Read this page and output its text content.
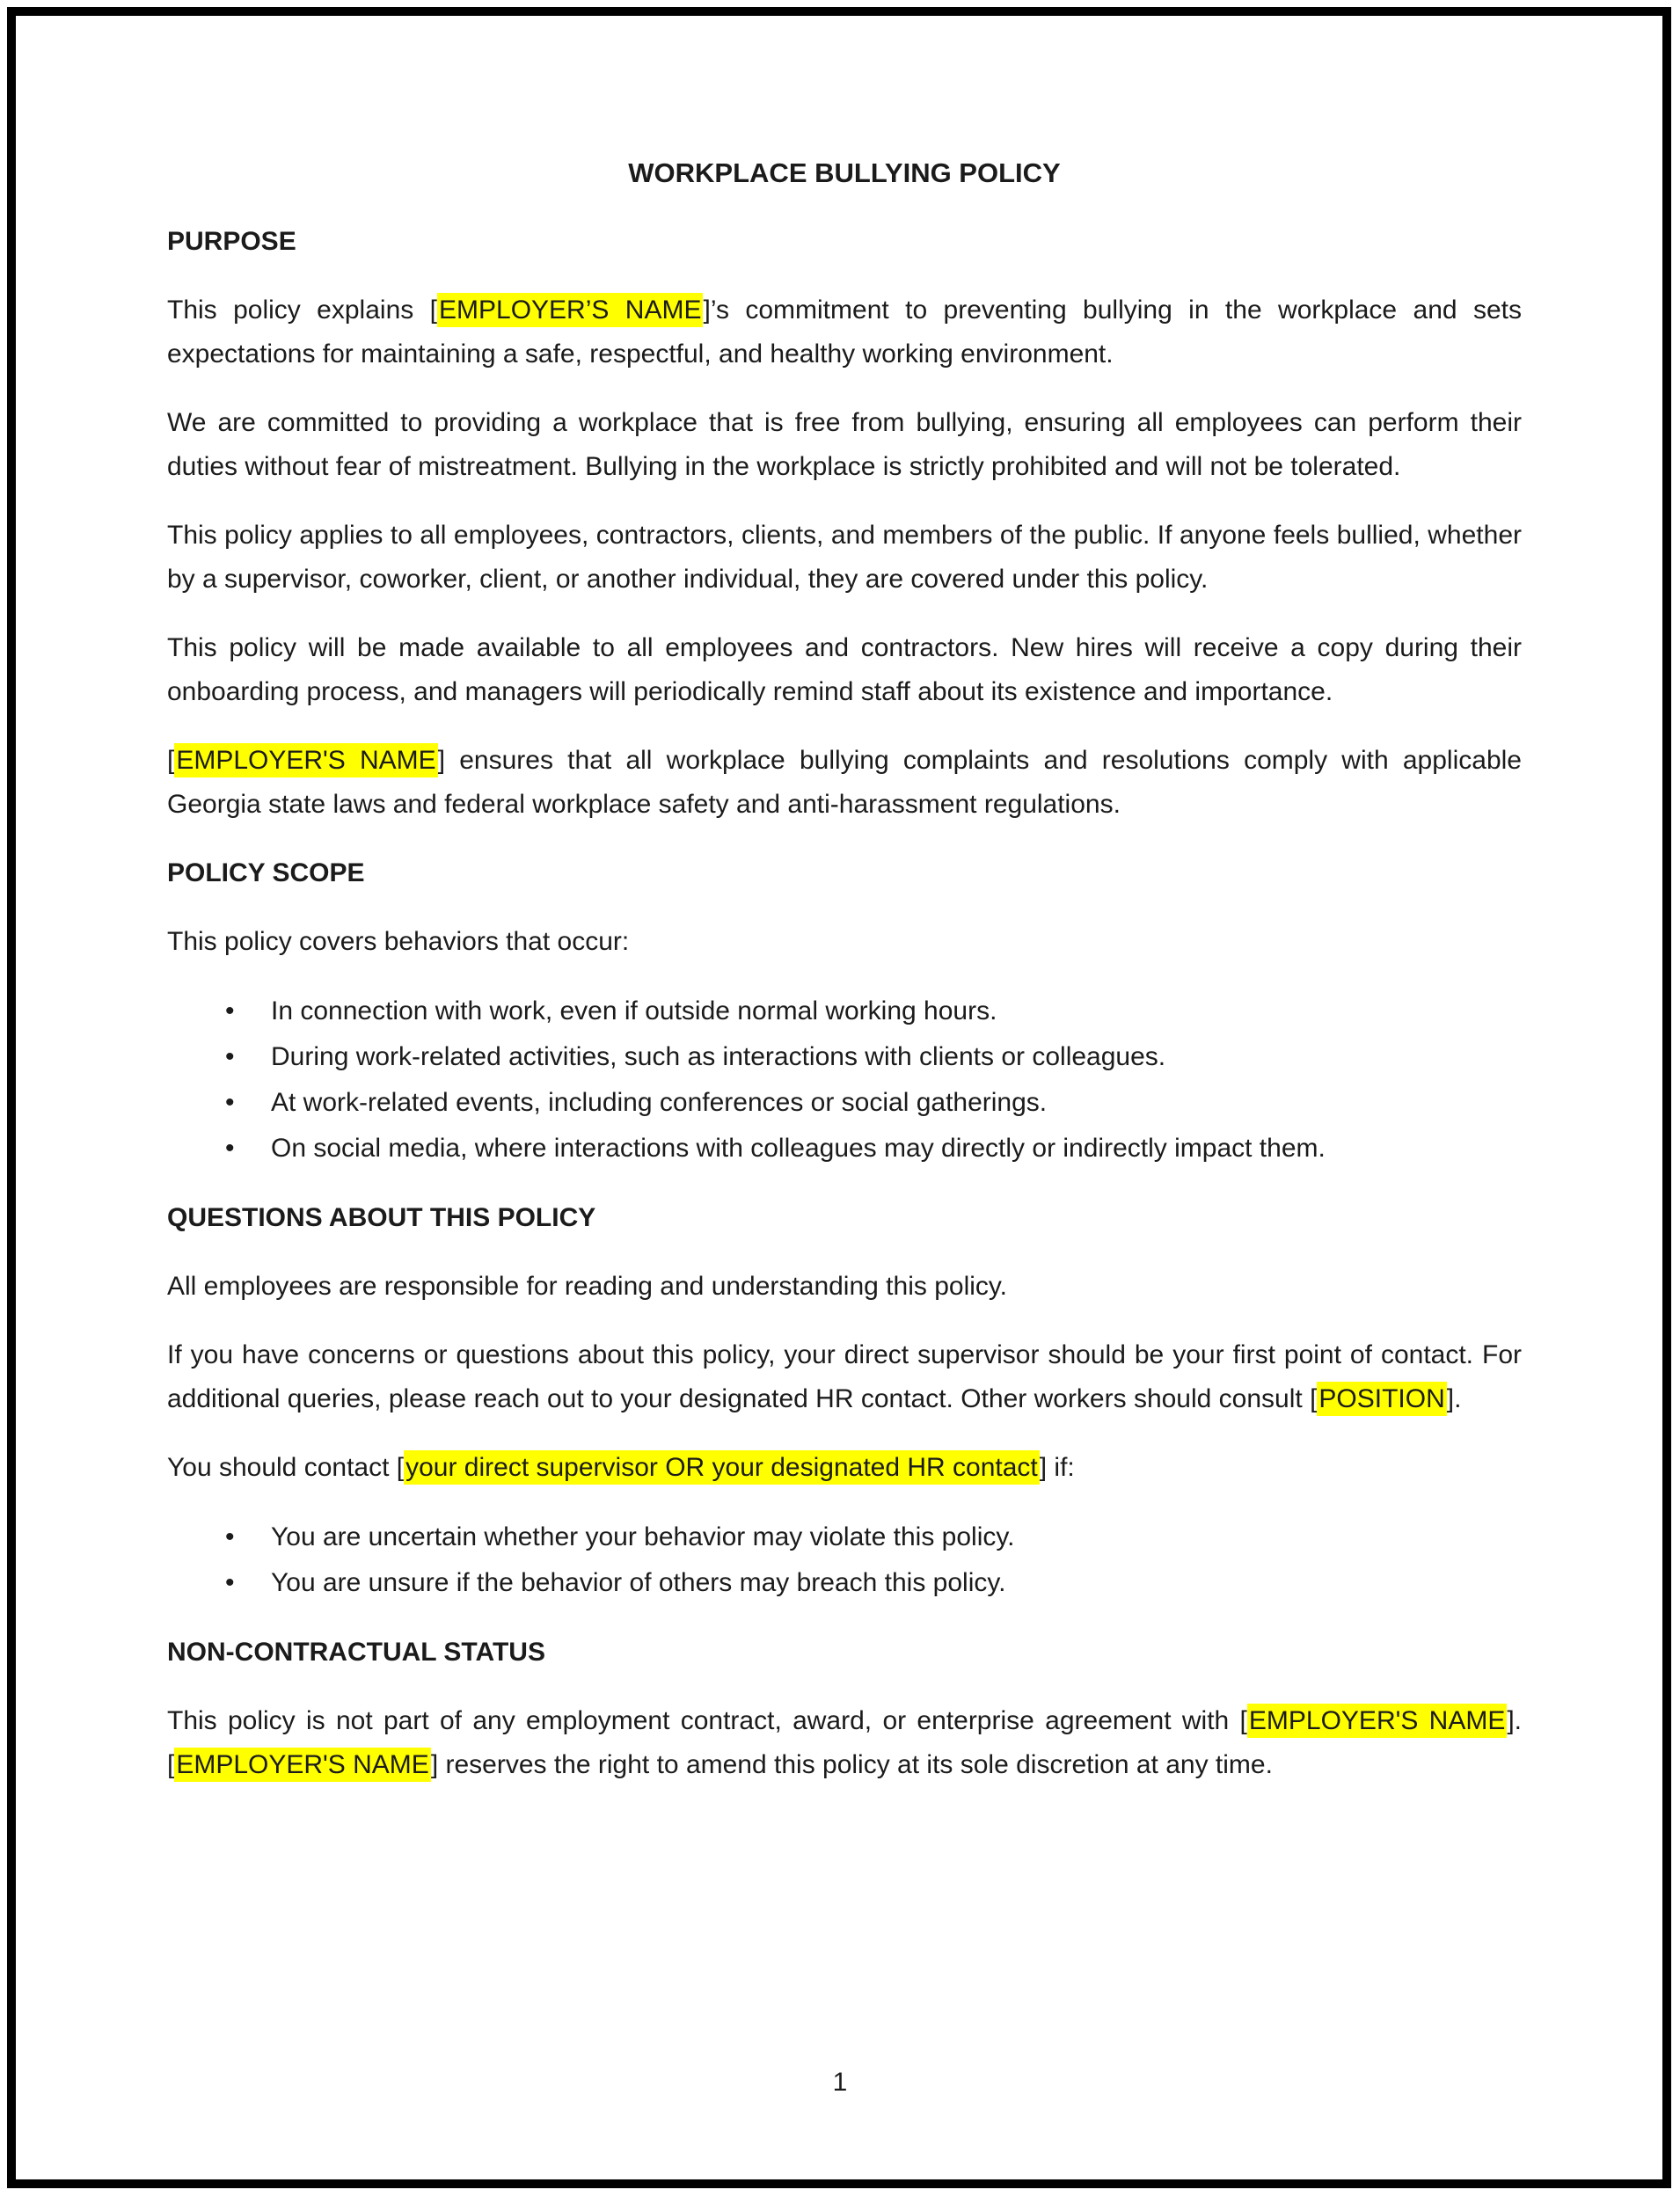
WORKPLACE BULLYING POLICY
PURPOSE

This policy explains [EMPLOYER’S NAME]’s commitment to preventing bullying in the workplace and sets expectations for maintaining a safe, respectful, and healthy working environment.

We are committed to providing a workplace that is free from bullying, ensuring all employees can perform their duties without fear of mistreatment. Bullying in the workplace is strictly prohibited and will not be tolerated.

This policy applies to all employees, contractors, clients, and members of the public. If anyone feels bullied, whether by a supervisor, coworker, client, or another individual, they are covered under this policy.

This policy will be made available to all employees and contractors. New hires will receive a copy during their onboarding process, and managers will periodically remind staff about its existence and importance.

[EMPLOYER'S NAME] ensures that all workplace bullying complaints and resolutions comply with applicable Georgia state laws and federal workplace safety and anti-harassment regulations.

POLICY SCOPE

This policy covers behaviors that occur:

• In connection with work, even if outside normal working hours.
• During work-related activities, such as interactions with clients or colleagues.
• At work-related events, including conferences or social gatherings.
• On social media, where interactions with colleagues may directly or indirectly impact them.
QUESTIONS ABOUT THIS POLICY

All employees are responsible for reading and understanding this policy.

If you have concerns or questions about this policy, your direct supervisor should be your first point of contact. For additional queries, please reach out to your designated HR contact. Other workers should consult [POSITION].

You should contact [your direct supervisor OR your designated HR contact] if:

• You are uncertain whether your behavior may violate this policy.
• You are unsure if the behavior of others may breach this policy.
NON-CONTRACTUAL STATUS

This policy is not part of any employment contract, award, or enterprise agreement with [EMPLOYER'S NAME]. [EMPLOYER'S NAME] reserves the right to amend this policy at its sole discretion at any time.

1
